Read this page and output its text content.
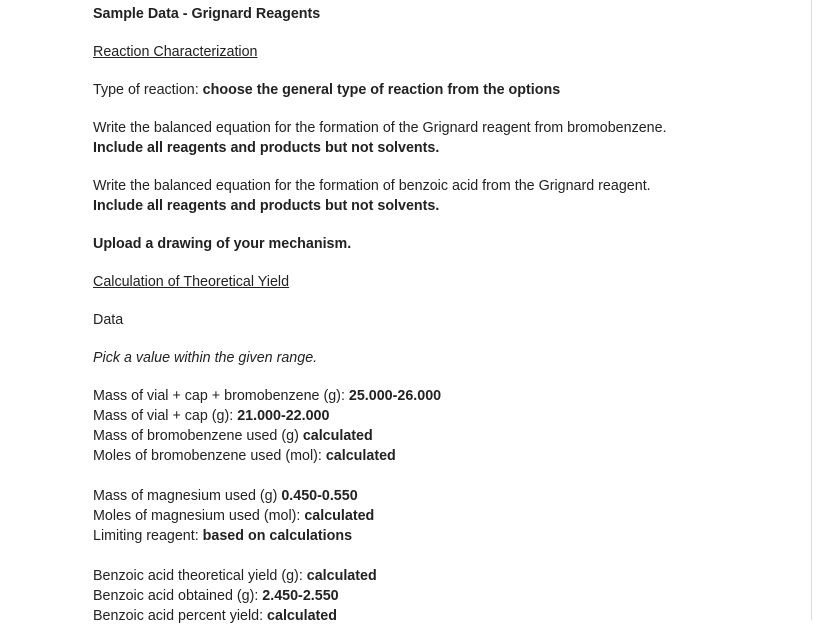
Sample Data - Grignard Reagents
Reaction Characterization
Type of reaction: choose the general type of reaction from the options
Write the balanced equation for the formation of the Grignard reagent from bromobenzene.
Include all reagents and products but not solvents.
Write the balanced equation for the formation of benzoic acid from the Grignard reagent.
Include all reagents and products but not solvents.
Upload a drawing of your mechanism.
Calculation of Theoretical Yield
Data
Pick a value within the given range.
Mass of vial + cap + bromobenzene (g): 25.000-26.000
Mass of vial + cap (g): 21.000-22.000
Mass of bromobenzene used (g) calculated
Moles of bromobenzene used (mol): calculated
Mass of magnesium used (g) 0.450-0.550
Moles of magnesium used (mol): calculated
Limiting reagent: based on calculations
Benzoic acid theoretical yield (g): calculated
Benzoic acid obtained (g): 2.450-2.550
Benzoic acid percent yield: calculated
